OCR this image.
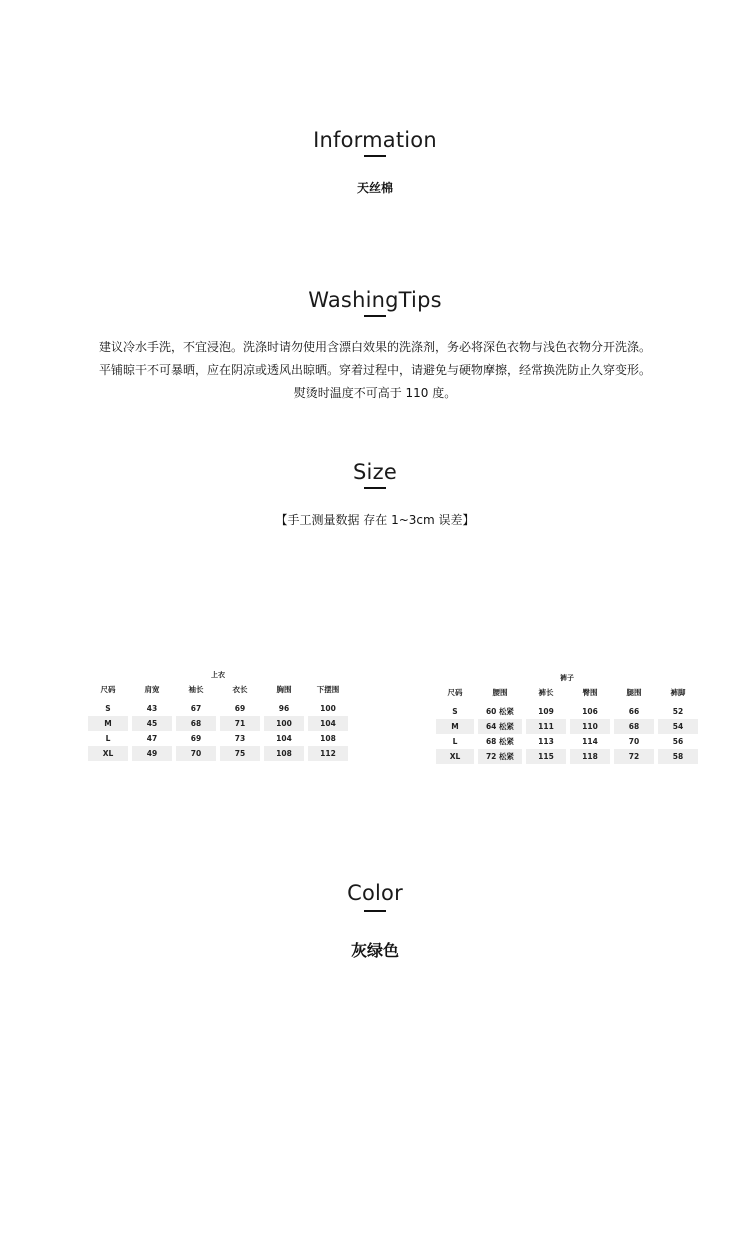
Information
天丝棉
WashingTips
建议冷水手洗，不宜浸泡。洗涤时请勿使用含漂白效果的洗涤剂，务必将深色衣物与浅色衣物分开洗涤。
平铺晾干不可暴晒，应在阴凉或透风出晾晒。穿着过程中，请避免与硬物摩擦，经常换洗防止久穿变形。
熨烫时温度不可高于 110 度。
Size
【手工测量数据 存在 1~3cm 误差】
上衣										
尺码		肩宽		袖长		衣长		胸围		下摆围

S		43		67		69		96		100
M		45		68		71		100		104
L		47		69		73		104		108
XL		49		70		75		108		112
裤子										
尺码		腰围		裤长		臀围		腿围		裤脚

S		60 松紧		109		106		66		52
M		64 松紧		111		110		68		54
L		68 松紧		113		114		70		56
XL		72 松紧		115		118		72		58
Color
灰绿色
